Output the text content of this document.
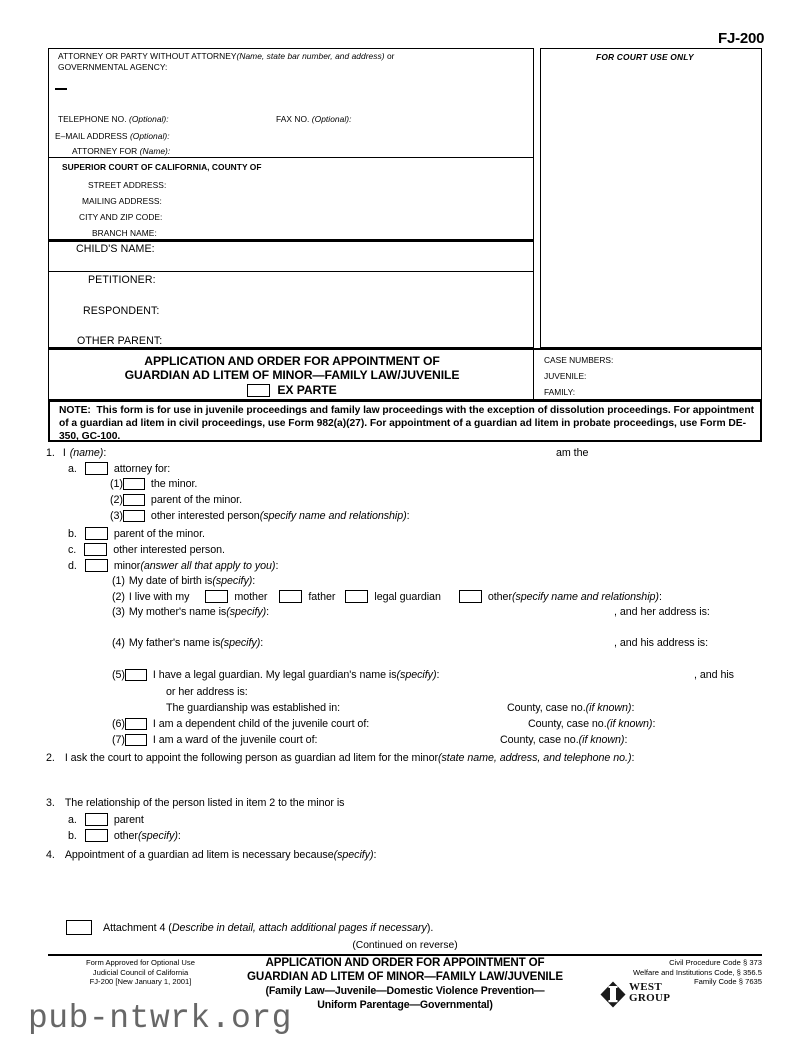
FJ-200
ATTORNEY OR PARTY WITHOUT ATTORNEY(Name, state bar number, and address) or
GOVERNMENTAL AGENCY:
TELEPHONE NO. (Optional):	FAX NO. (Optional):
E–MAIL ADDRESS (Optional):
ATTORNEY FOR (Name):
FOR COURT USE ONLY
SUPERIOR COURT OF CALIFORNIA, COUNTY OF
STREET ADDRESS:
MAILING ADDRESS:
CITY AND ZIP CODE:
BRANCH NAME:
CHILD'S NAME:
PETITIONER:
RESPONDENT:
OTHER PARENT:
APPLICATION AND ORDER FOR APPOINTMENT OF
GUARDIAN AD LITEM OF MINOR—FAMILY LAW/JUVENILE
EX PARTE
CASE NUMBERS:
JUVENILE:
FAMILY:
NOTE: This form is for use in juvenile proceedings and family law proceedings with the exception of dissolution proceedings. For appointment of a guardian ad litem in civil proceedings, use Form 982(a)(27). For appointment of a guardian ad litem in probate proceedings, use Form DE-350, GC-100.
1. I (name) :	am the
a.	attorney for:
(1)	the minor.
(2)	parent of the minor.
(3)	other interested person (specify name and relationship) :
b.	parent of the minor.
c.	other interested person.
d.	minor (answer all that apply to you) :
(1) My date of birth is (specify) :
(2) I live with my	mother	father	legal guardian	other (specify name and relationship) :
(3) My mother's name is (specify) :	, and her address is:
(4) My father's name is (specify) :	, and his address is:
(5)	I have a legal guardian. My legal guardian's name is (specify) :	, and his
or her address is:
The guardianship was established in:	County, case no. (if known) :
(6)	I am a dependent child of the juvenile court of:	County, case no. (if known) :
(7)	I am a ward of the juvenile court of:	County, case no. (if known) :
2. I ask the court to appoint the following person as guardian ad litem for the minor (state name, address, and telephone no.) :
3. The relationship of the person listed in item 2 to the minor is
a.	parent
b.	other (specify) :
4. Appointment of a guardian ad litem is necessary because (specify) :
Attachment 4 ( Describe in detail, attach additional pages if necessary ).
(Continued on reverse)
Form Approved for Optional Use
Judicial Council of California
FJ-200 [New January 1, 2001]
APPLICATION AND ORDER FOR APPOINTMENT OF
GUARDIAN AD LITEM OF MINOR—FAMILY LAW/JUVENILE
(Family Law—Juvenile—Domestic Violence Prevention—
Uniform Parentage—Governmental)
Civil Procedure Code § 373
Welfare and Institutions Code, § 356.5
Family Code § 7635
WEST
GROUP
pub-ntwrk.org
